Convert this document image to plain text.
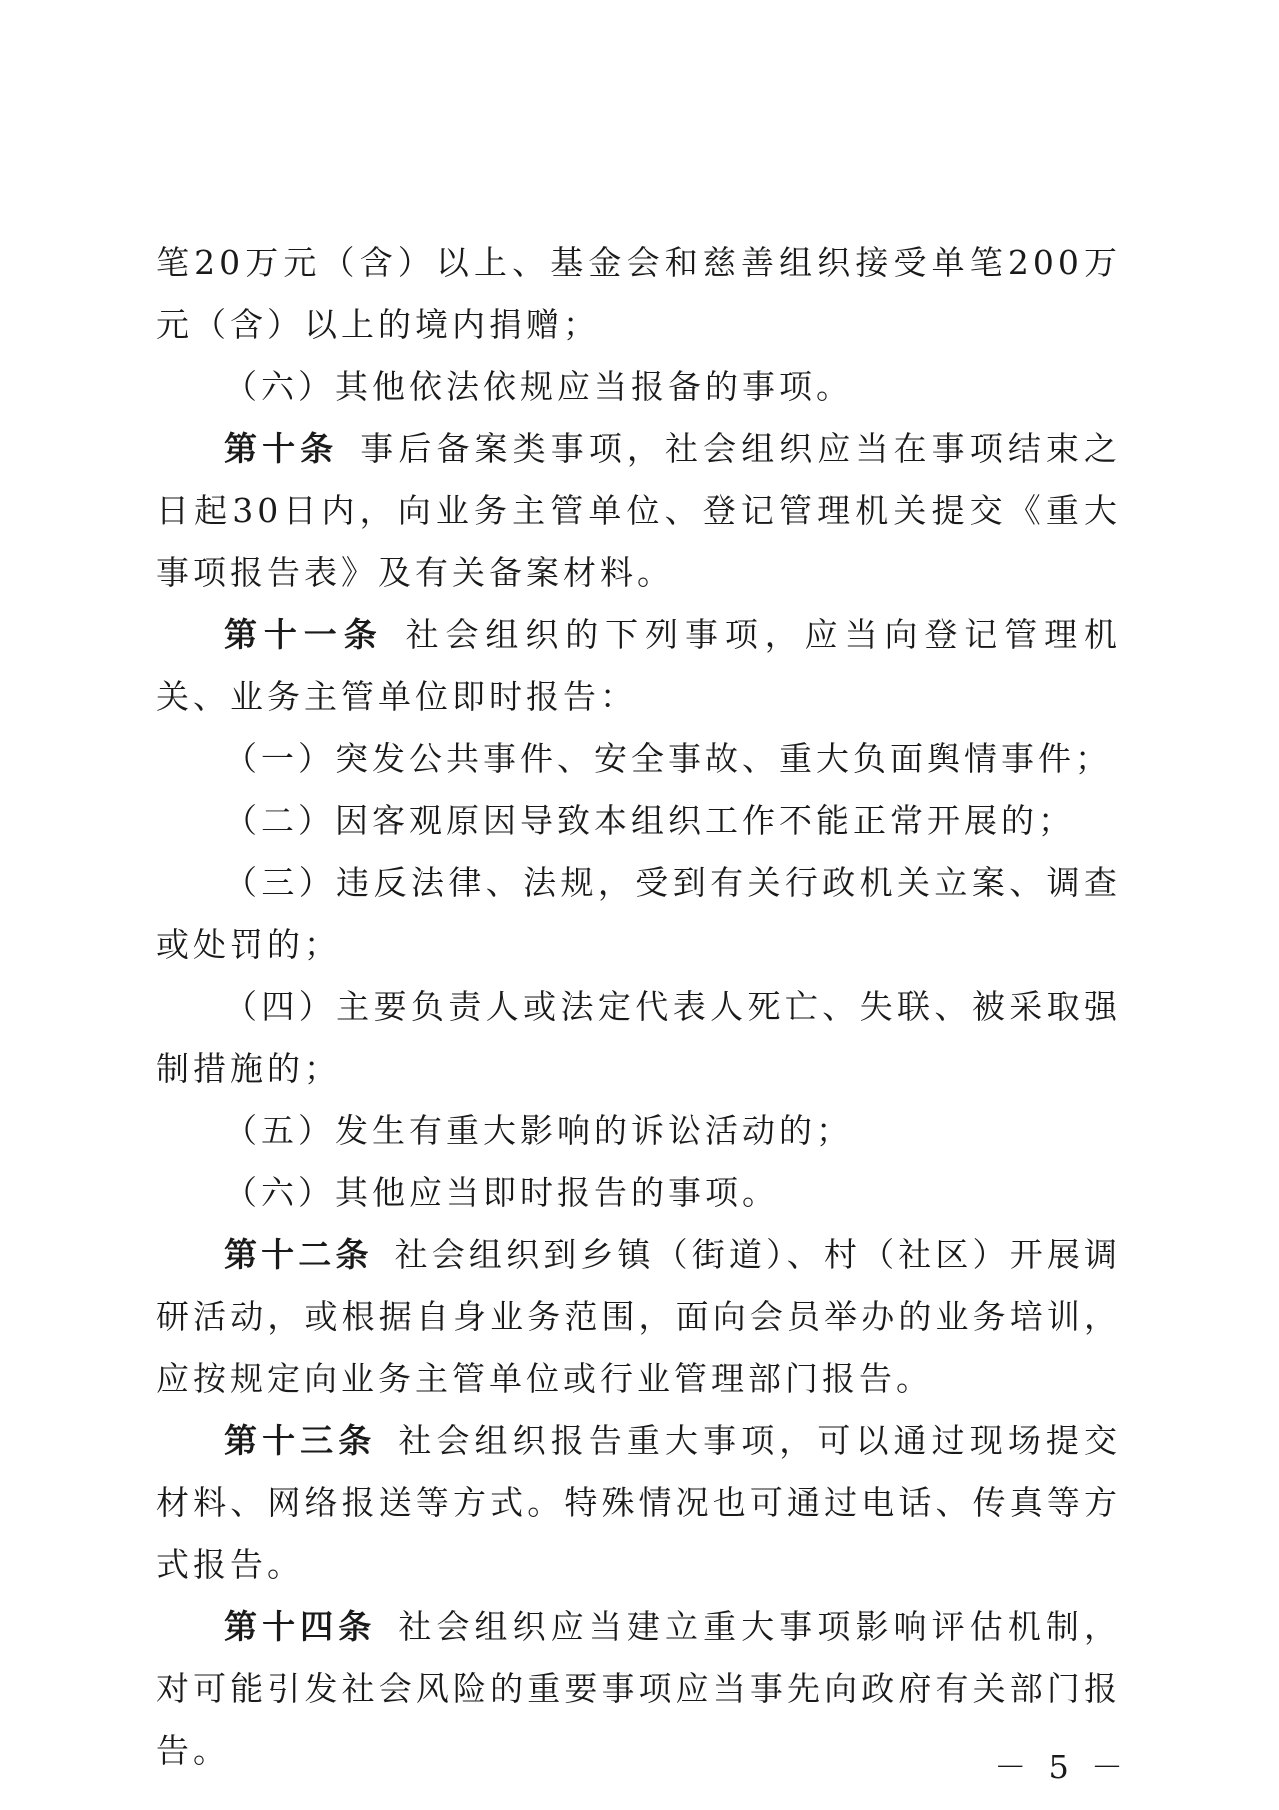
笔20万元（含）以上、基金会和慈善组织接受单笔200万元（含）以上的境内捐赠；

（六）其他依法依规应当报备的事项。

第十条 事后备案类事项，社会组织应当在事项结束之日起30日内，向业务主管单位、登记管理机关提交《重大事项报告表》及有关备案材料。

第十一条 社会组织的下列事项，应当向登记管理机关、业务主管单位即时报告：

（一）突发公共事件、安全事故、重大负面舆情事件；

（二）因客观原因导致本组织工作不能正常开展的；

（三）违反法律、法规，受到有关行政机关立案、调查或处罚的；

（四）主要负责人或法定代表人死亡、失联、被采取强制措施的；

（五）发生有重大影响的诉讼活动的；

（六）其他应当即时报告的事项。

第十二条 社会组织到乡镇（街道）、村（社区）开展调研活动，或根据自身业务范围，面向会员举办的业务培训，应按规定向业务主管单位或行业管理部门报告。

第十三条 社会组织报告重大事项，可以通过现场提交材料、网络报送等方式。特殊情况也可通过电话、传真等方式报告。

第十四条 社会组织应当建立重大事项影响评估机制，对可能引发社会风险的重要事项应当事先向政府有关部门报告。	－ 5 －
